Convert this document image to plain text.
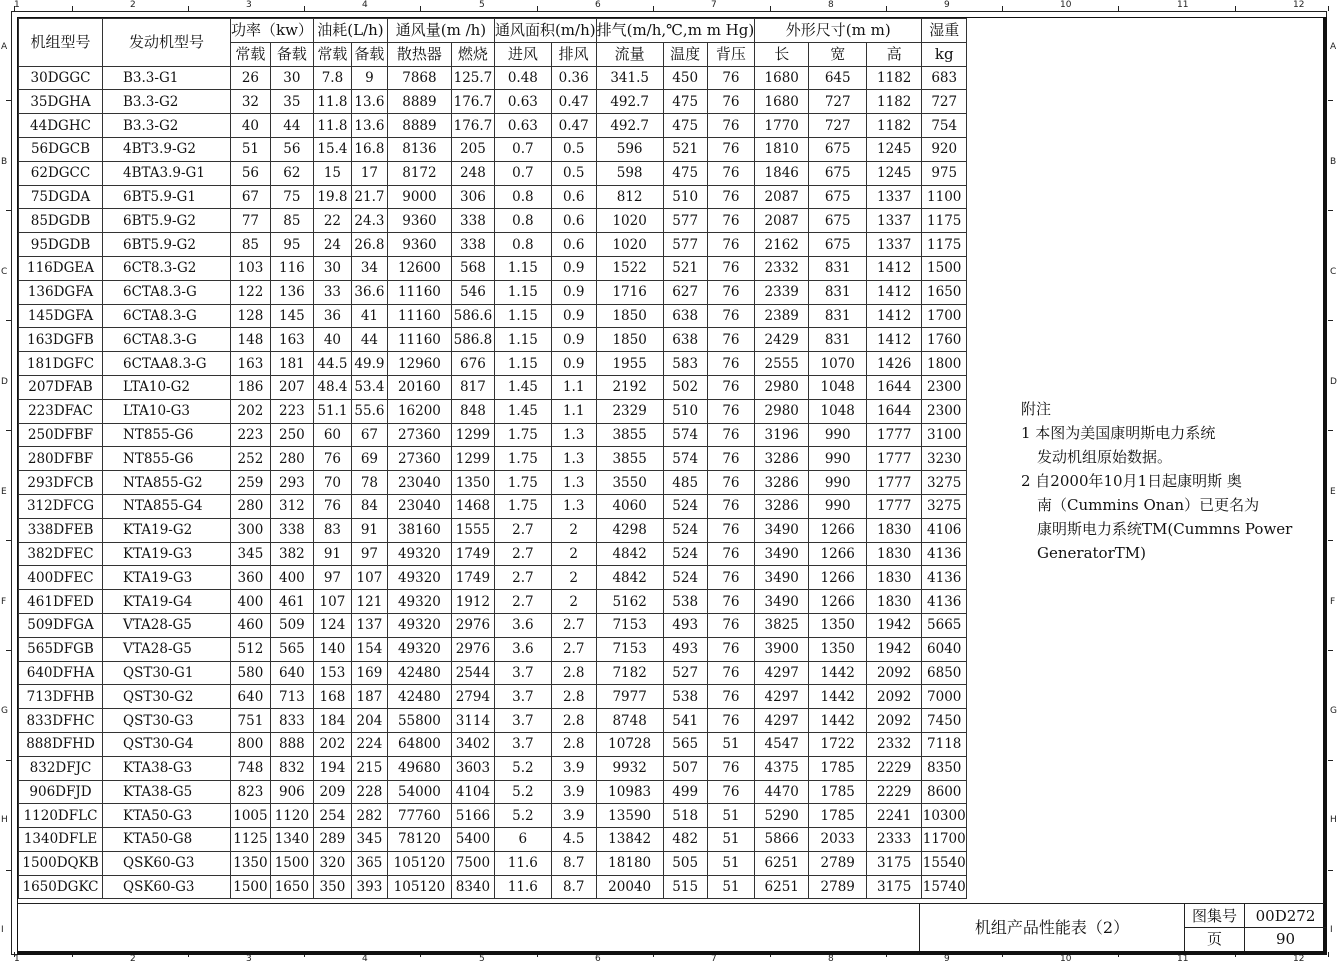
1	2	3	4	5	6	7	8	9	10	11	12
1	2	3	4	5	6	7	8	9	10	11	12
A
B
C
D
E
F
G
H
I
A
B
C
D
E
F
G
H
I
机组型号	发动机型号	功率（kw）		油耗(L/h)		通风量(m /h)		通风面积(m/h)		排气(m/h,℃,m m Hg)			外形尺寸(m m)			湿重
		常载	备载	常载	备载	散热器	燃烧	进风	排风	流量	温度	背压	长	宽	高	kg
30DGGC	B3.3-G1	26	30	7.8	9	7868	125.7	0.48	0.36	341.5	450	76	1680	645	1182	683
35DGHA	B3.3-G2	32	35	11.8	13.6	8889	176.7	0.63	0.47	492.7	475	76	1680	727	1182	727
44DGHC	B3.3-G2	40	44	11.8	13.6	8889	176.7	0.63	0.47	492.7	475	76	1770	727	1182	754
56DGCB	4BT3.9-G2	51	56	15.4	16.8	8136	205	0.7	0.5	596	521	76	1810	675	1245	920
62DGCC	4BTA3.9-G1	56	62	15	17	8172	248	0.7	0.5	598	475	76	1846	675	1245	975
75DGDA	6BT5.9-G1	67	75	19.8	21.7	9000	306	0.8	0.6	812	510	76	2087	675	1337	1100
85DGDB	6BT5.9-G2	77	85	22	24.3	9360	338	0.8	0.6	1020	577	76	2087	675	1337	1175
95DGDB	6BT5.9-G2	85	95	24	26.8	9360	338	0.8	0.6	1020	577	76	2162	675	1337	1175
116DGEA	6CT8.3-G2	103	116	30	34	12600	568	1.15	0.9	1522	521	76	2332	831	1412	1500
136DGFA	6CTA8.3-G	122	136	33	36.6	11160	546	1.15	0.9	1716	627	76	2339	831	1412	1650
145DGFA	6CTA8.3-G	128	145	36	41	11160	586.6	1.15	0.9	1850	638	76	2389	831	1412	1700
163DGFB	6CTA8.3-G	148	163	40	44	11160	586.8	1.15	0.9	1850	638	76	2429	831	1412	1760
181DGFC	6CTAA8.3-G	163	181	44.5	49.9	12960	676	1.15	0.9	1955	583	76	2555	1070	1426	1800
207DFAB	LTA10-G2	186	207	48.4	53.4	20160	817	1.45	1.1	2192	502	76	2980	1048	1644	2300
223DFAC	LTA10-G3	202	223	51.1	55.6	16200	848	1.45	1.1	2329	510	76	2980	1048	1644	2300
250DFBF	NT855-G6	223	250	60	67	27360	1299	1.75	1.3	3855	574	76	3196	990	1777	3100
280DFBF	NT855-G6	252	280	76	69	27360	1299	1.75	1.3	3855	574	76	3286	990	1777	3230
293DFCB	NTA855-G2	259	293	70	78	23040	1350	1.75	1.3	3550	485	76	3286	990	1777	3275
312DFCG	NTA855-G4	280	312	76	84	23040	1468	1.75	1.3	4060	524	76	3286	990	1777	3275
338DFEB	KTA19-G2	300	338	83	91	38160	1555	2.7	2	4298	524	76	3490	1266	1830	4106
382DFEC	KTA19-G3	345	382	91	97	49320	1749	2.7	2	4842	524	76	3490	1266	1830	4136
400DFEC	KTA19-G3	360	400	97	107	49320	1749	2.7	2	4842	524	76	3490	1266	1830	4136
461DFED	KTA19-G4	400	461	107	121	49320	1912	2.7	2	5162	538	76	3490	1266	1830	4136
509DFGA	VTA28-G5	460	509	124	137	49320	2976	3.6	2.7	7153	493	76	3825	1350	1942	5665
565DFGB	VTA28-G5	512	565	140	154	49320	2976	3.6	2.7	7153	493	76	3900	1350	1942	6040
640DFHA	QST30-G1	580	640	153	169	42480	2544	3.7	2.8	7182	527	76	4297	1442	2092	6850
713DFHB	QST30-G2	640	713	168	187	42480	2794	3.7	2.8	7977	538	76	4297	1442	2092	7000
833DFHC	QST30-G3	751	833	184	204	55800	3114	3.7	2.8	8748	541	76	4297	1442	2092	7450
888DFHD	QST30-G4	800	888	202	224	64800	3402	3.7	2.8	10728	565	51	4547	1722	2332	7118
832DFJC	KTA38-G3	748	832	194	215	49680	3603	5.2	3.9	9932	507	76	4375	1785	2229	8350
906DFJD	KTA38-G5	823	906	209	228	54000	4104	5.2	3.9	10983	499	76	4470	1785	2229	8600
1120DFLC	KTA50-G3	1005	1120	254	282	77760	5166	5.2	3.9	13590	518	51	5290	1785	2241	10300
1340DFLE	KTA50-G8	1125	1340	289	345	78120	5400	6	4.5	13842	482	51	5866	2033	2333	11700
1500DQKB	QSK60-G3	1350	1500	320	365	105120	7500	11.6	8.7	18180	505	51	6251	2789	3175	15540
1650DGKC	QSK60-G3	1500	1650	350	393	105120	8340	11.6	8.7	20040	515	51	6251	2789	3175	15740
附注
1 本图为美国康明斯电力系统
发动机组原始数据。
2 自2000年10月1日起康明斯 奥
南（Cummins Onan）已更名为
康明斯电力系统TM(Cummns Power
GeneratorTM)
机组产品性能表（2）
图集号	00D272
页	90
